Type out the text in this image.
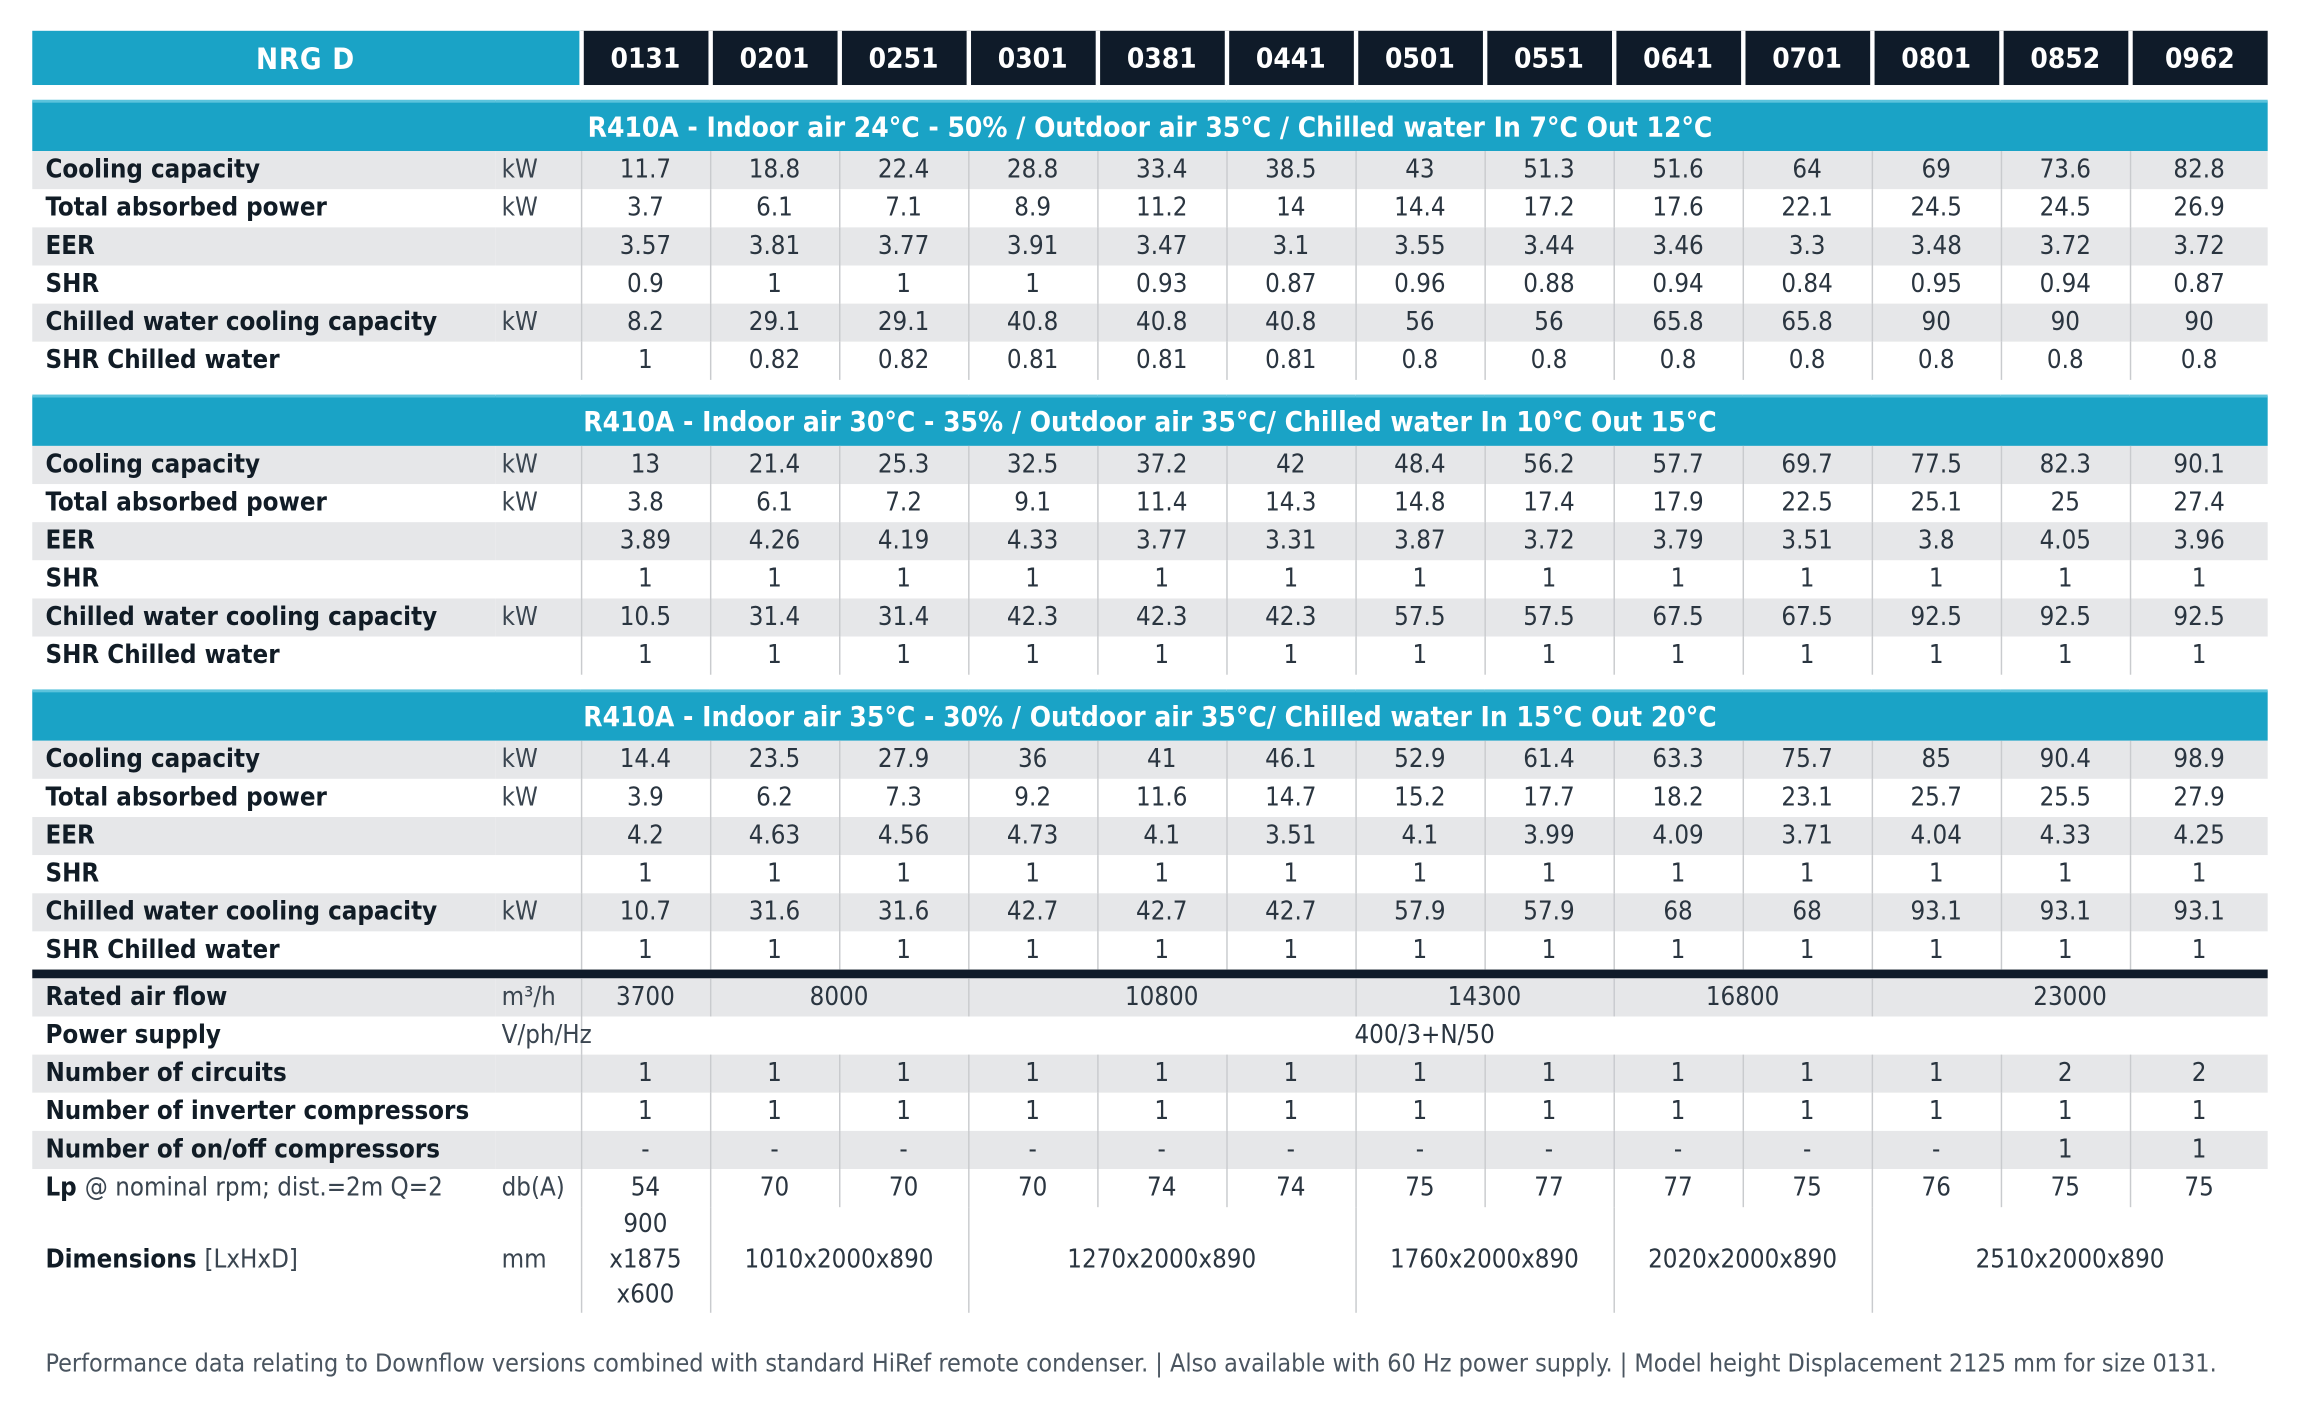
NRG D		0131	0201	0251	0301	0381	0441	0501	0551	0641	0701	0801	0852	0962

R410A - Indoor air 24°C - 50% / Outdoor air 35°C / Chilled water In 7°C Out 12°C														
Cooling capacity	kW	11.7	18.8	22.4	28.8	33.4	38.5	43	51.3	51.6	64	69	73.6	82.8
Total absorbed power	kW	3.7	6.1	7.1	8.9	11.2	14	14.4	17.2	17.6	22.1	24.5	24.5	26.9
EER		3.57	3.81	3.77	3.91	3.47	3.1	3.55	3.44	3.46	3.3	3.48	3.72	3.72
SHR		0.9	1	1	1	0.93	0.87	0.96	0.88	0.94	0.84	0.95	0.94	0.87
Chilled water cooling capacity	kW	8.2	29.1	29.1	40.8	40.8	40.8	56	56	65.8	65.8	90	90	90
SHR Chilled water		1	0.82	0.82	0.81	0.81	0.81	0.8	0.8	0.8	0.8	0.8	0.8	0.8

R410A - Indoor air 30°C - 35% / Outdoor air 35°C/ Chilled water In 10°C Out 15°C														
Cooling capacity	kW	13	21.4	25.3	32.5	37.2	42	48.4	56.2	57.7	69.7	77.5	82.3	90.1
Total absorbed power	kW	3.8	6.1	7.2	9.1	11.4	14.3	14.8	17.4	17.9	22.5	25.1	25	27.4
EER		3.89	4.26	4.19	4.33	3.77	3.31	3.87	3.72	3.79	3.51	3.8	4.05	3.96
SHR		1	1	1	1	1	1	1	1	1	1	1	1	1
Chilled water cooling capacity	kW	10.5	31.4	31.4	42.3	42.3	42.3	57.5	57.5	67.5	67.5	92.5	92.5	92.5
SHR Chilled water		1	1	1	1	1	1	1	1	1	1	1	1	1

R410A - Indoor air 35°C - 30% / Outdoor air 35°C/ Chilled water In 15°C Out 20°C														
Cooling capacity	kW	14.4	23.5	27.9	36	41	46.1	52.9	61.4	63.3	75.7	85	90.4	98.9
Total absorbed power	kW	3.9	6.2	7.3	9.2	11.6	14.7	15.2	17.7	18.2	23.1	25.7	25.5	27.9
EER		4.2	4.63	4.56	4.73	4.1	3.51	4.1	3.99	4.09	3.71	4.04	4.33	4.25
SHR		1	1	1	1	1	1	1	1	1	1	1	1	1
Chilled water cooling capacity	kW	10.7	31.6	31.6	42.7	42.7	42.7	57.9	57.9	68	68	93.1	93.1	93.1
SHR Chilled water		1	1	1	1	1	1	1	1	1	1	1	1	1

Rated air flow	m³/h	3700	8000		10800			14300		16800		23000		
Power supply	V/ph/Hz	400/3+N/50												
Number of circuits		1	1	1	1	1	1	1	1	1	1	1	2	2
Number of inverter compressors		1	1	1	1	1	1	1	1	1	1	1	1	1
Number of on/off compressors		-	-	-	-	-	-	-	-	-	-	-	1	1
Lp @ nominal rpm; dist.=2m Q=2	db(A)	54	70	70	70	74	74	75	77	77	75	76	75	75
Dimensions [LxHxD]	mm	900
x1875
x600	1010x2000x890		1270x2000x890			1760x2000x890		2020x2000x890		2510x2000x890		
Performance data relating to Downflow versions combined with standard HiRef remote condenser. | Also available with 60 Hz power supply. | Model height Displacement 2125 mm for size 0131.
